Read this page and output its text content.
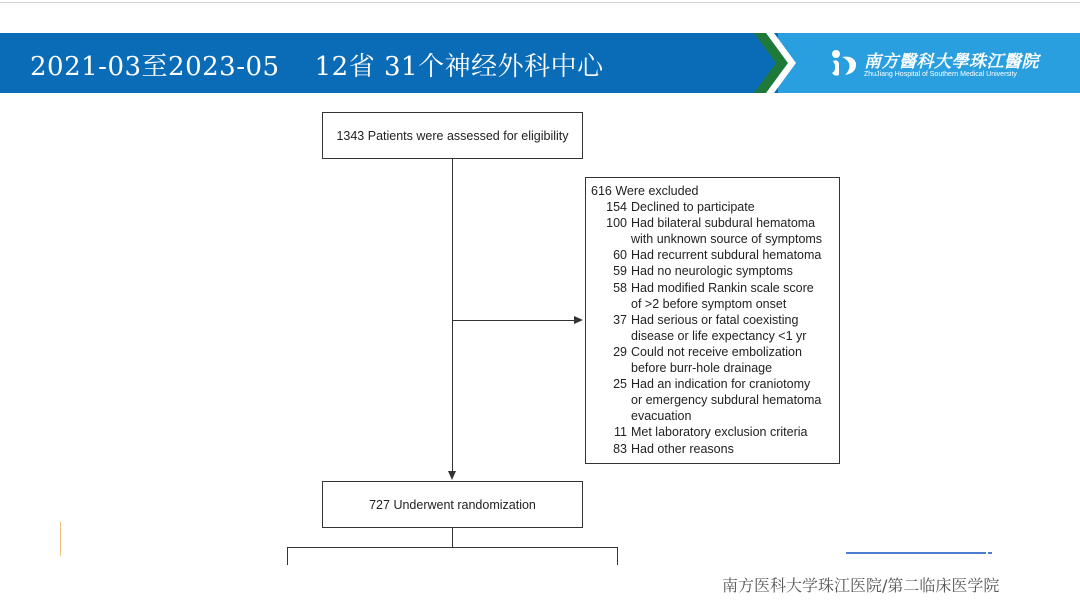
2021-03至2023-05    12省 31个神经外科中心	南方醫科大學珠江醫院
ZhuJiang Hospital of Southern Medical University
1343 Patients were assessed for eligibility
616 Were excluded
154 Declined to participate
100 Had bilateral subdural hematoma
with unknown source of symptoms
60 Had recurrent subdural hematoma
59 Had no neurologic symptoms
58 Had modified Rankin scale score
of >2 before symptom onset
37 Had serious or fatal coexisting
disease or life expectancy <1 yr
29 Could not receive embolization
before burr-hole drainage
25 Had an indication for craniotomy
or emergency subdural hematoma
evacuation
11 Met laboratory exclusion criteria
83 Had other reasons
727 Underwent randomization
南方医科大学珠江医院/第二临床医学院
